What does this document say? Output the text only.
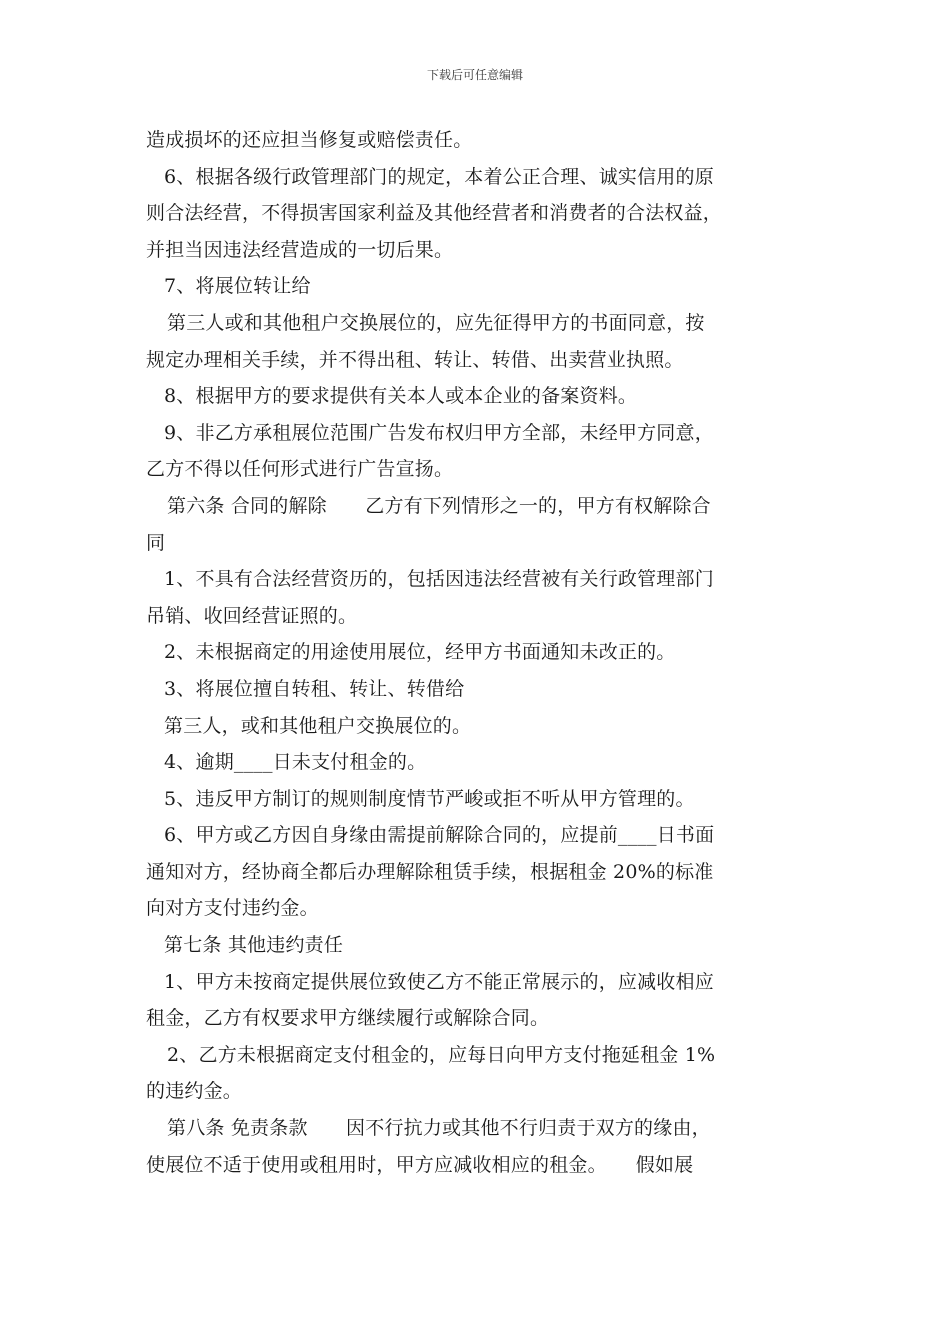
下载后可任意编辑
造成损坏的还应担当修复或赔偿责任。
6、根据各级行政管理部门的规定，本着公正合理、诚实信用的原
则合法经营，不得损害国家利益及其他经营者和消费者的合法权益，
并担当因违法经营造成的一切后果。
7、将展位转让给
第三人或和其他租户交换展位的，应先征得甲方的书面同意，按
规定办理相关手续，并不得出租、转让、转借、出卖营业执照。
8、根据甲方的要求提供有关本人或本企业的备案资料。
9、非乙方承租展位范围广告发布权归甲方全部，未经甲方同意，
乙方不得以任何形式进行广告宣扬。
第六条 合同的解除　　乙方有下列情形之一的，甲方有权解除合
同
1、不具有合法经营资历的，包括因违法经营被有关行政管理部门
吊销、收回经营证照的。
2、未根据商定的用途使用展位，经甲方书面通知未改正的。
3、将展位擅自转租、转让、转借给
第三人，或和其他租户交换展位的。
4、逾期____日未支付租金的。
5、违反甲方制订的规则制度情节严峻或拒不听从甲方管理的。
6、甲方或乙方因自身缘由需提前解除合同的，应提前____日书面
通知对方，经协商全都后办理解除租赁手续，根据租金 20%的标准
向对方支付违约金。
第七条 其他违约责任
1、甲方未按商定提供展位致使乙方不能正常展示的，应减收相应
租金，乙方有权要求甲方继续履行或解除合同。
2、乙方未根据商定支付租金的，应每日向甲方支付拖延租金 1%
的违约金。
第八条 免责条款　　因不行抗力或其他不行归责于双方的缘由，
使展位不适于使用或租用时，甲方应减收相应的租金。　　假如展
